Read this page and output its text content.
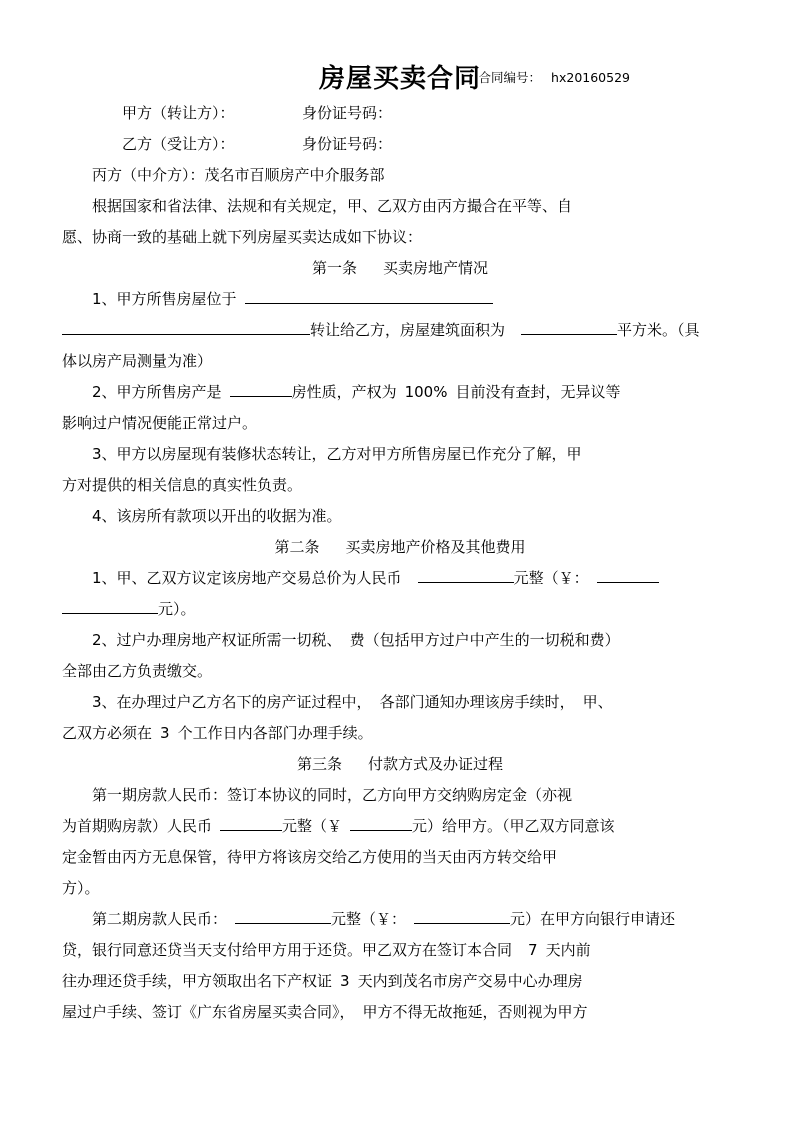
房屋买卖合同
合同编号： hx20160529

甲方（转让方）：	身份证号码：

乙方（受让方）：	身份证号码：

丙方（中介方）：茂名市百顺房产中介服务部

根据国家和省法律、法规和有关规定，甲、乙双方由丙方撮合在平等、自

愿、协商一致的基础上就下列房屋买卖达成如下协议：

第一条 买卖房地产情况

1、甲方所售房屋位于

转让给乙方，房屋建筑面积为	平方米。（具

体以房产局测量为准）

2、甲方所售房产是	房性质，产权为 100% 目前没有查封，无异议等

影响过户情况便能正常过户。

3、甲方以房屋现有装修状态转让，乙方对甲方所售房屋已作充分了解，甲

方对提供的相关信息的真实性负责。

4、该房所有款项以开出的收据为准。

第二条 买卖房地产价格及其他费用

1、甲、乙双方议定该房地产交易总价为人民币	元整（￥：

元）。

2、过户办理房地产权证所需一切税、 费（包括甲方过户中产生的一切税和费）

全部由乙方负责缴交。

3、在办理过户乙方名下的房产证过程中， 各部门通知办理该房手续时， 甲、

乙双方必须在 3 个工作日内各部门办理手续。

第三条 付款方式及办证过程

第一期房款人民币：签订本协议的同时，乙方向甲方交纳购房定金（亦视

为首期购房款）人民币	元整（￥	元）给甲方。（甲乙双方同意该

定金暂由丙方无息保管，待甲方将该房交给乙方使用的当天由丙方转交给甲

方）。

第二期房款人民币：	元整（￥：	元）在甲方向银行申请还

贷，银行同意还贷当天支付给甲方用于还贷。甲乙双方在签订本合同 7 天内前

往办理还贷手续，甲方领取出名下产权证 3 天内到茂名市房产交易中心办理房

屋过户手续、签订《广东省房屋买卖合同》， 甲方不得无故拖延，否则视为甲方
